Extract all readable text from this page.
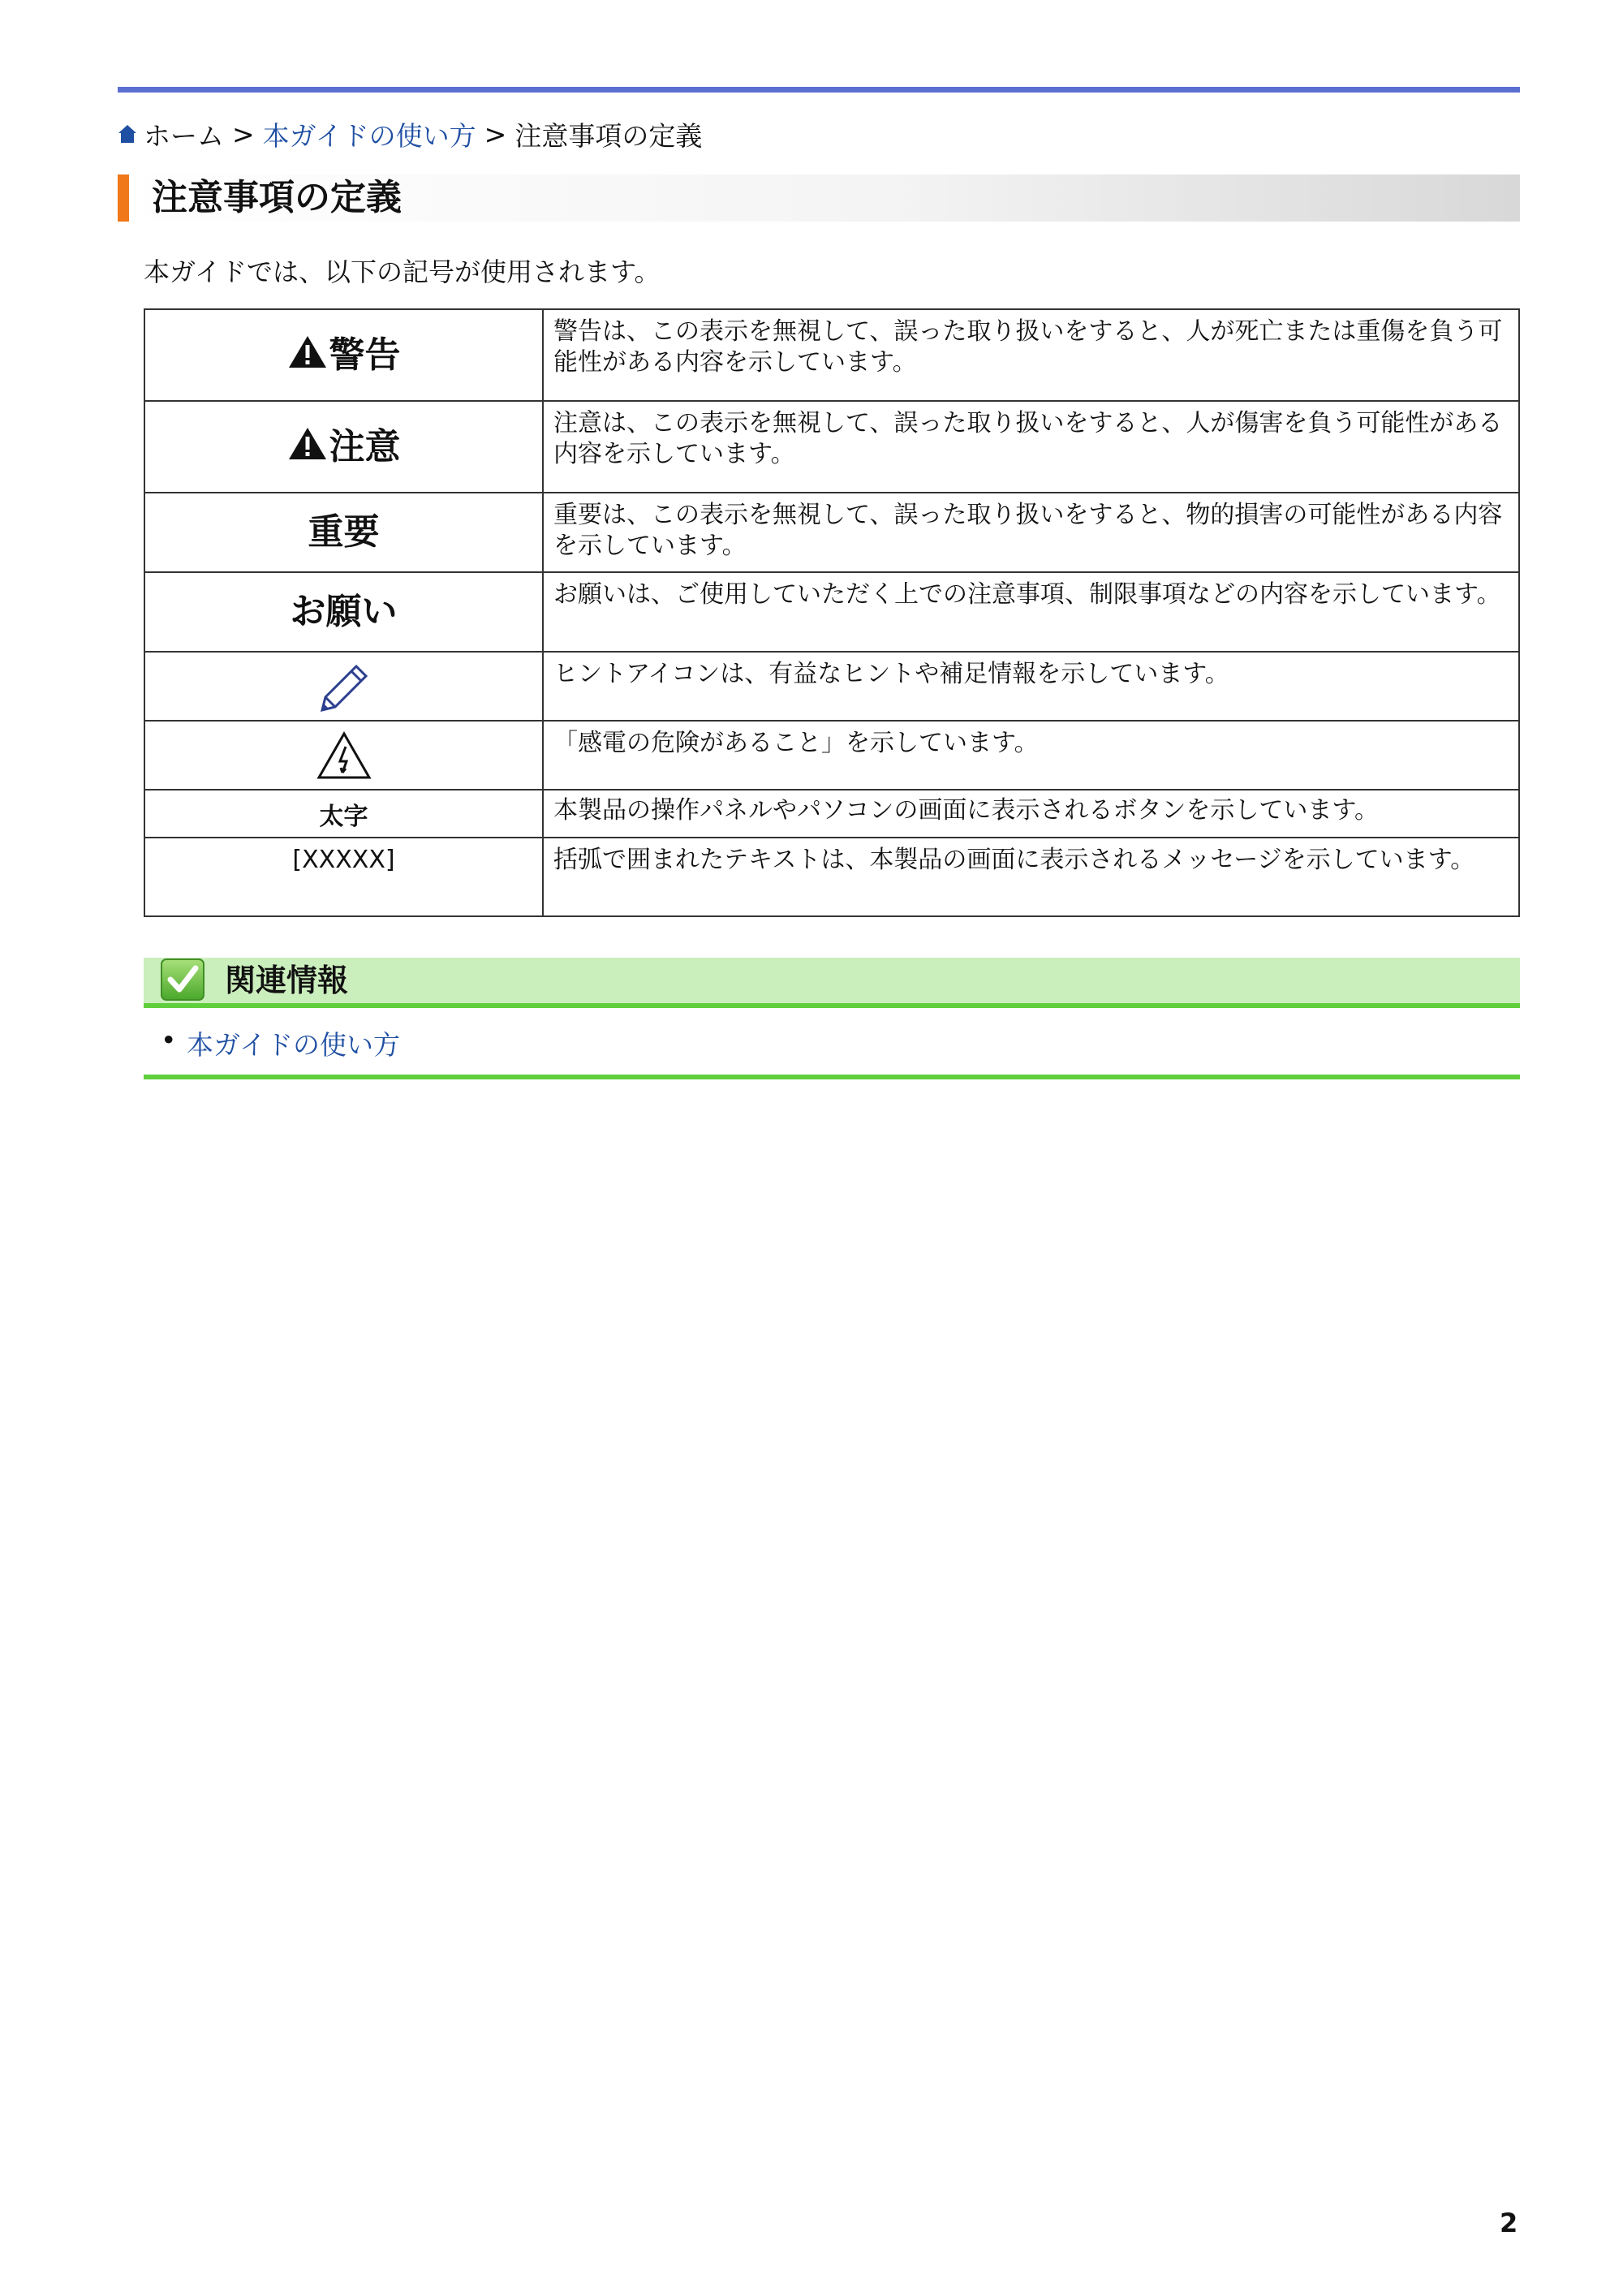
ホーム > 本ガイドの使い方 > 注意事項の定義
注意事項の定義
本ガイドでは、以下の記号が使用されます。
警告	警告は、この表示を無視して、誤った取り扱いをすると、人が死亡または重傷を負う可能性がある内容を示しています。

注意	注意は、この表示を無視して、誤った取り扱いをすると、人が傷害を負う可能性がある内容を示しています。

重要	重要は、この表示を無視して、誤った取り扱いをすると、物的損害の可能性がある内容を示しています。

お願い	お願いは、ご使用していただく上での注意事項、制限事項などの内容を示しています。

	ヒントアイコンは、有益なヒントや補足情報を示しています。

	「感電の危険があること」を示しています。

太字	本製品の操作パネルやパソコンの画面に表示されるボタンを示しています。

[XXXXX]	括弧で囲まれたテキストは、本製品の画面に表示されるメッセージを示しています。
関連情報
• 本ガイドの使い方
2
